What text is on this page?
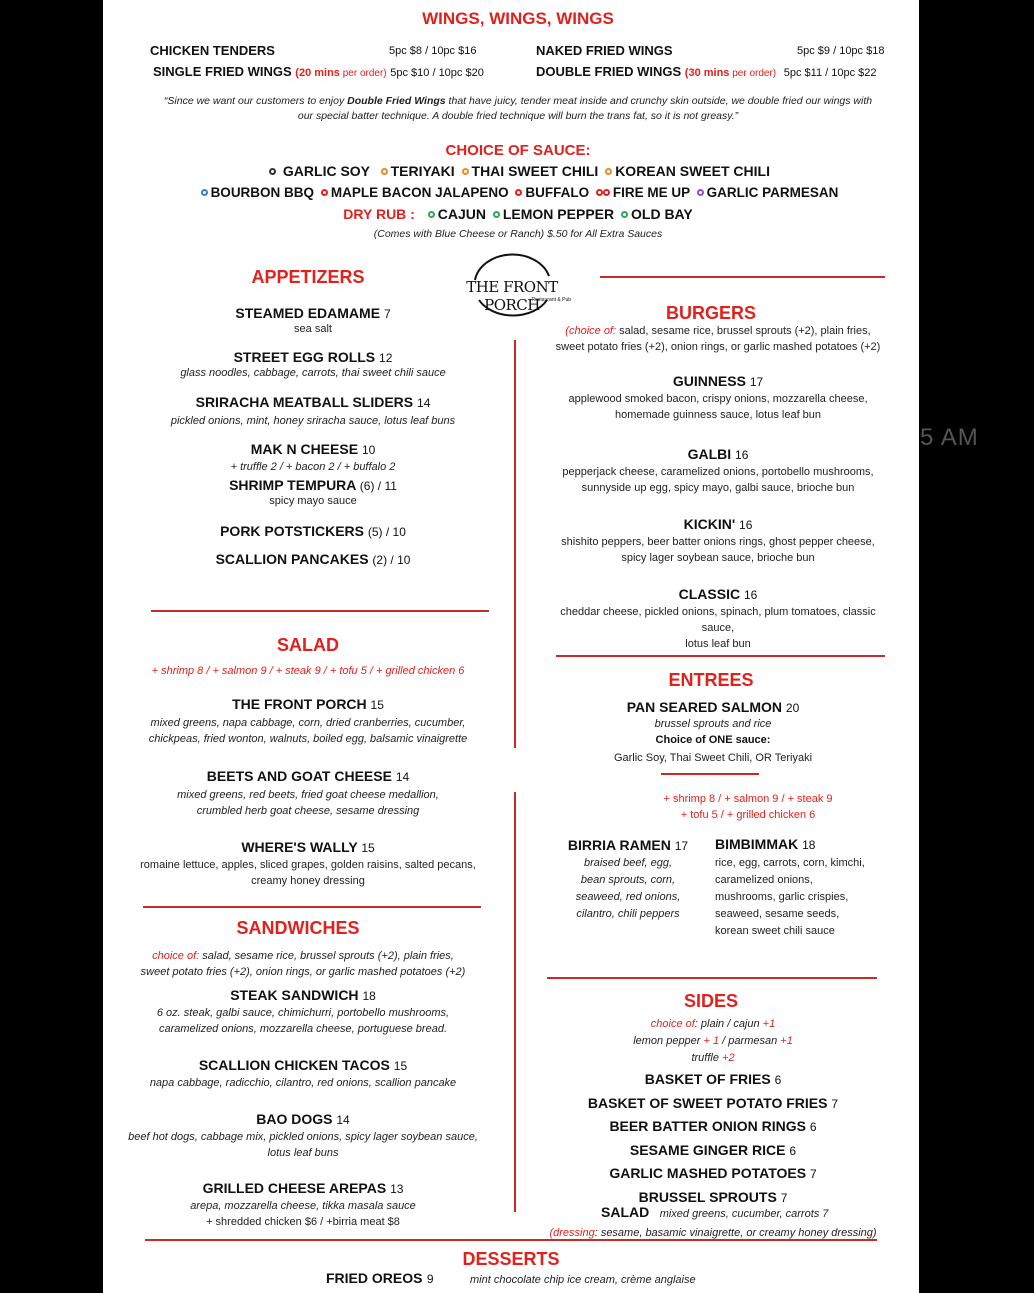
5 AM
WINGS, WINGS, WINGS
CHICKEN TENDERS	5pc $8 / 10pc $16	NAKED FRIED WINGS	5pc $9 / 10pc $18
SINGLE FRIED WINGS (20 mins per order) 5pc $10 / 10pc $20	DOUBLE FRIED WINGS (30 mins per order) 5pc $11 / 10pc $22
“Since we want our customers to enjoy Double Fried Wings that have juicy, tender meat inside and crunchy skin outside, we double fried our wings with
our special batter technique. A double fried technique will burn the trans fat, so it is not greasy.”
CHOICE OF SAUCE:
GARLIC SOY TERIYAKI THAI SWEET CHILI KOREAN SWEET CHILI
BOURBON BBQ MAPLE BACON JALAPENO BUFFALO FIRE ME UP GARLIC PARMESAN
DRY RUB : CAJUN LEMON PEPPER OLD BAY
(Comes with Blue Cheese or Ranch) $.50 for All Extra Sauces
THE FRONT PORCH
Restaurant & Pub
APPETIZERS
STEAMED EDAMAME 7
sea salt
STREET EGG ROLLS 12
glass noodles, cabbage, carrots, thai sweet chili sauce
SRIRACHA MEATBALL SLIDERS 14
pickled onions, mint, honey sriracha sauce, lotus leaf buns
MAK N CHEESE 10
+ truffle 2 / + bacon 2 / + buffalo 2
SHRIMP TEMPURA (6) / 11
spicy mayo sauce
PORK POTSTICKERS (5) / 10
SCALLION PANCAKES (2) / 10
SALAD
+ shrimp 8 / + salmon 9 / + steak 9 / + tofu 5 / + grilled chicken 6
THE FRONT PORCH 15
mixed greens, napa cabbage, corn, dried cranberries, cucumber,
chickpeas, fried wonton, walnuts, boiled egg, balsamic vinaigrette
BEETS AND GOAT CHEESE 14
mixed greens, red beets, fried goat cheese medallion,
crumbled herb goat cheese, sesame dressing
WHERE'S WALLY 15
romaine lettuce, apples, sliced grapes, golden raisins, salted pecans,
creamy honey dressing
SANDWICHES
choice of: salad, sesame rice, brussel sprouts (+2), plain fries,
sweet potato fries (+2), onion rings, or garlic mashed potatoes (+2)
STEAK SANDWICH 18
6 oz. steak, galbi sauce, chimichurri, portobello mushrooms,
caramelized onions, mozzarella cheese, portuguese bread.
SCALLION CHICKEN TACOS 15
napa cabbage, radicchio, cilantro, red onions, scallion pancake
BAO DOGS 14
beef hot dogs, cabbage mix, pickled onions, spicy lager soybean sauce,
lotus leaf buns
GRILLED CHEESE AREPAS 13
arepa, mozzarella cheese, tikka masala sauce
+ shredded chicken $6 / +birria meat $8
BURGERS
(choice of: salad, sesame rice, brussel sprouts (+2), plain fries,
sweet potato fries (+2), onion rings, or garlic mashed potatoes (+2)
GUINNESS 17
applewood smoked bacon, crispy onions, mozzarella cheese,
homemade guinness sauce, lotus leaf bun
GALBI 16
pepperjack cheese, caramelized onions, portobello mushrooms,
sunnyside up egg, spicy mayo, galbi sauce, brioche bun
KICKIN' 16
shishito peppers, beer batter onions rings, ghost pepper cheese,
spicy lager soybean sauce, brioche bun
CLASSIC 16
cheddar cheese, pickled onions, spinach, plum tomatoes, classic sauce,
lotus leaf bun
ENTREES
PAN SEARED SALMON 20
brussel sprouts and rice
Choice of ONE sauce:
Garlic Soy, Thai Sweet Chili, OR Teriyaki
+ shrimp 8 / + salmon 9 / + steak 9
+ tofu 5 / + grilled chicken 6
BIRRIA RAMEN 17
braised beef, egg,
bean sprouts, corn,
seaweed, red onions,
cilantro, chili peppers
BIMBIMMAK 18
rice, egg, carrots, corn, kimchi,
caramelized onions,
mushrooms, garlic crispies,
seaweed, sesame seeds,
korean sweet chili sauce
SIDES
choice of: plain / cajun +1
lemon pepper + 1 / parmesan +1
truffle +2
BASKET OF FRIES 6
BASKET OF SWEET POTATO FRIES 7
BEER BATTER ONION RINGS 6
SESAME GINGER RICE 6
GARLIC MASHED POTATOES 7
BRUSSEL SPROUTS 7
SALAD mixed greens, cucumber, carrots 7
(dressing: sesame, basamic vinaigrette, or creamy honey dressing)
DESSERTS
FRIED OREOS 9	mint chocolate chip ice cream, crème anglaise
